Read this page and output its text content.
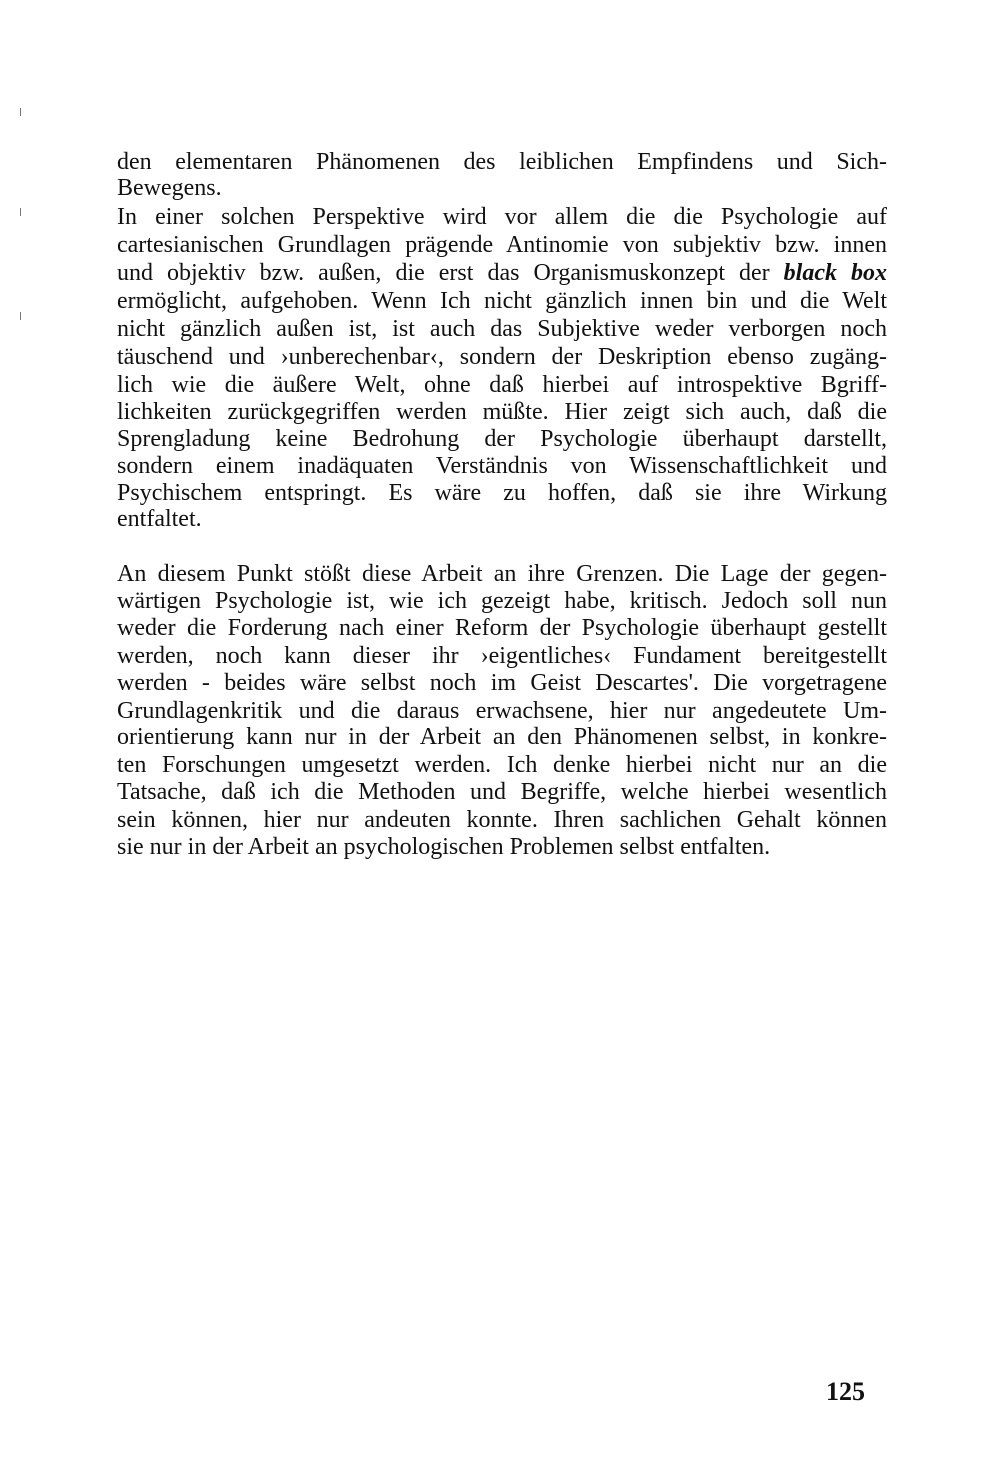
den elementaren Phänomenen des leiblichen Empfindens und Sich-
Bewegens.
In einer solchen Perspektive wird vor allem die die Psychologie auf
cartesianischen Grundlagen prägende Antinomie von subjektiv bzw. innen
und objektiv bzw. außen, die erst das Organismuskonzept der black box
ermöglicht, aufgehoben. Wenn Ich nicht gänzlich innen bin und die Welt
nicht gänzlich außen ist, ist auch das Subjektive weder verborgen noch
täuschend und ›unberechenbar‹, sondern der Deskription ebenso zugäng-
lich wie die äußere Welt, ohne daß hierbei auf introspektive Bgriff-
lichkeiten zurückgegriffen werden müßte. Hier zeigt sich auch, daß die
Sprengladung keine Bedrohung der Psychologie überhaupt darstellt,
sondern einem inadäquaten Verständnis von Wissenschaftlichkeit und
Psychischem entspringt. Es wäre zu hoffen, daß sie ihre Wirkung
entfaltet.
An diesem Punkt stößt diese Arbeit an ihre Grenzen. Die Lage der gegen-
wärtigen Psychologie ist, wie ich gezeigt habe, kritisch. Jedoch soll nun
weder die Forderung nach einer Reform der Psychologie überhaupt gestellt
werden, noch kann dieser ihr ›eigentliches‹ Fundament bereitgestellt
werden - beides wäre selbst noch im Geist Descartes'. Die vorgetragene
Grundlagenkritik und die daraus erwachsene, hier nur angedeutete Um-
orientierung kann nur in der Arbeit an den Phänomenen selbst, in konkre-
ten Forschungen umgesetzt werden. Ich denke hierbei nicht nur an die
Tatsache, daß ich die Methoden und Begriffe, welche hierbei wesentlich
sein können, hier nur andeuten konnte. Ihren sachlichen Gehalt können
sie nur in der Arbeit an psychologischen Problemen selbst entfalten.
125
